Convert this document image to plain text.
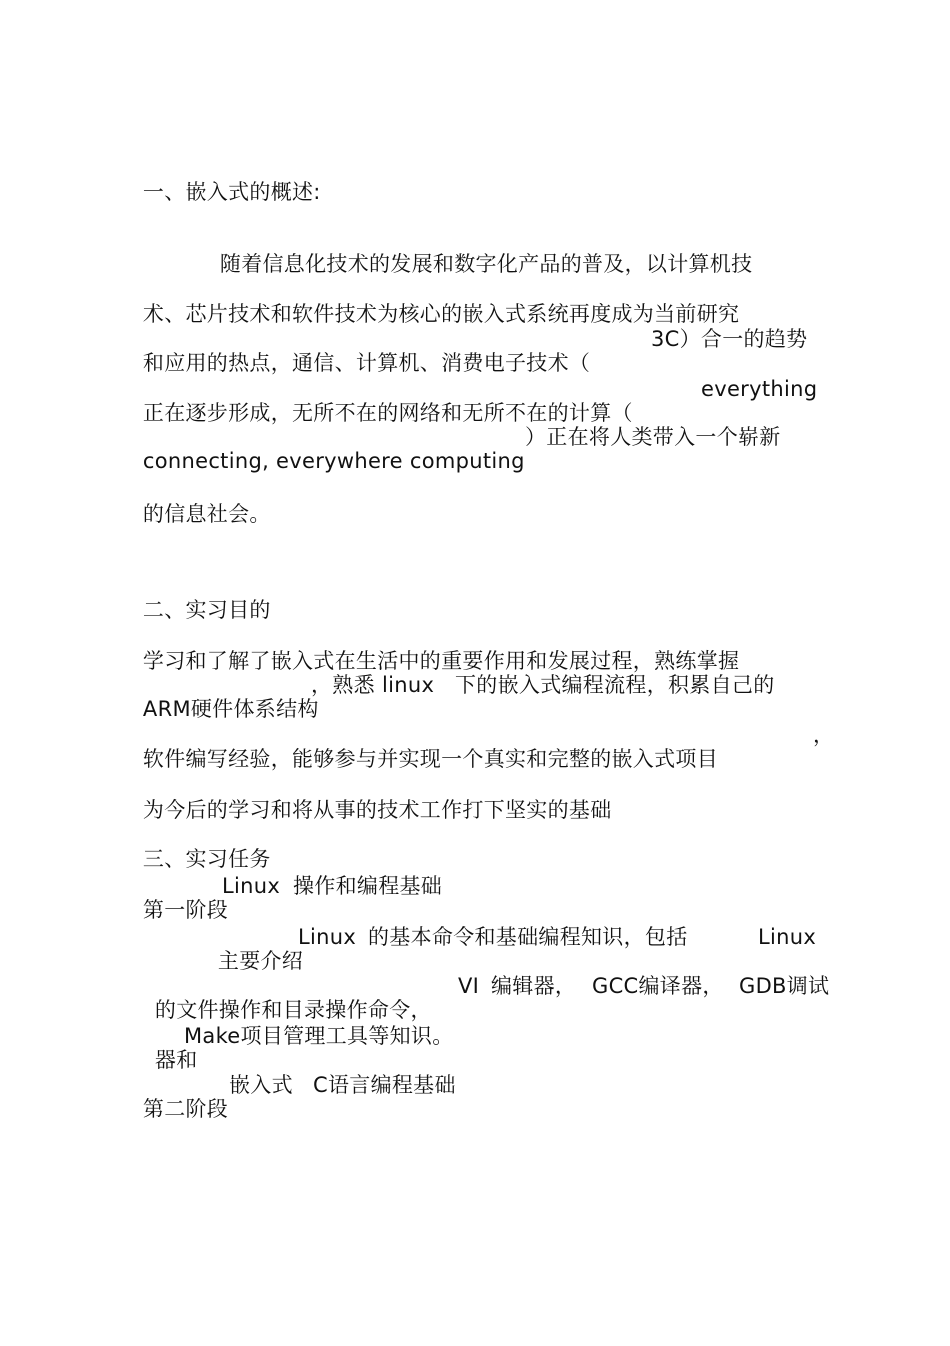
一、嵌入式的概述:

随着信息化技术的发展和数字化产品的普及，以计算机技

术、芯片技术和软件技术为核心的嵌入式系统再度成为当前研究

和应用的热点，通信、计算机、消费电子技术（

3C）合一的趋势

正在逐步形成，无所不在的网络和无所不在的计算（

everything

connecting, everywhere computing

）正在将人类带入一个崭新

的信息社会。

二、实习目的

学习和了解了嵌入式在生活中的重要作用和发展过程，熟练掌握

ARM硬件体系结构

，熟悉

linux

下的嵌入式编程流程，积累自己的

软件编写经验，能够参与并实现一个真实和完整的嵌入式项目

，

为今后的学习和将从事的技术工作打下坚实的基础

三、实习任务

第一阶段

Linux

操作和编程基础

主要介绍

Linux

的基本命令和基础编程知识，包括

	Linux

的文件操作和目录操作命令，

VI

编辑器，

GCC编译器，

GDB调试

器和

Make项目管理工具等知识。

第二阶段

嵌入式

C语言编程基础
